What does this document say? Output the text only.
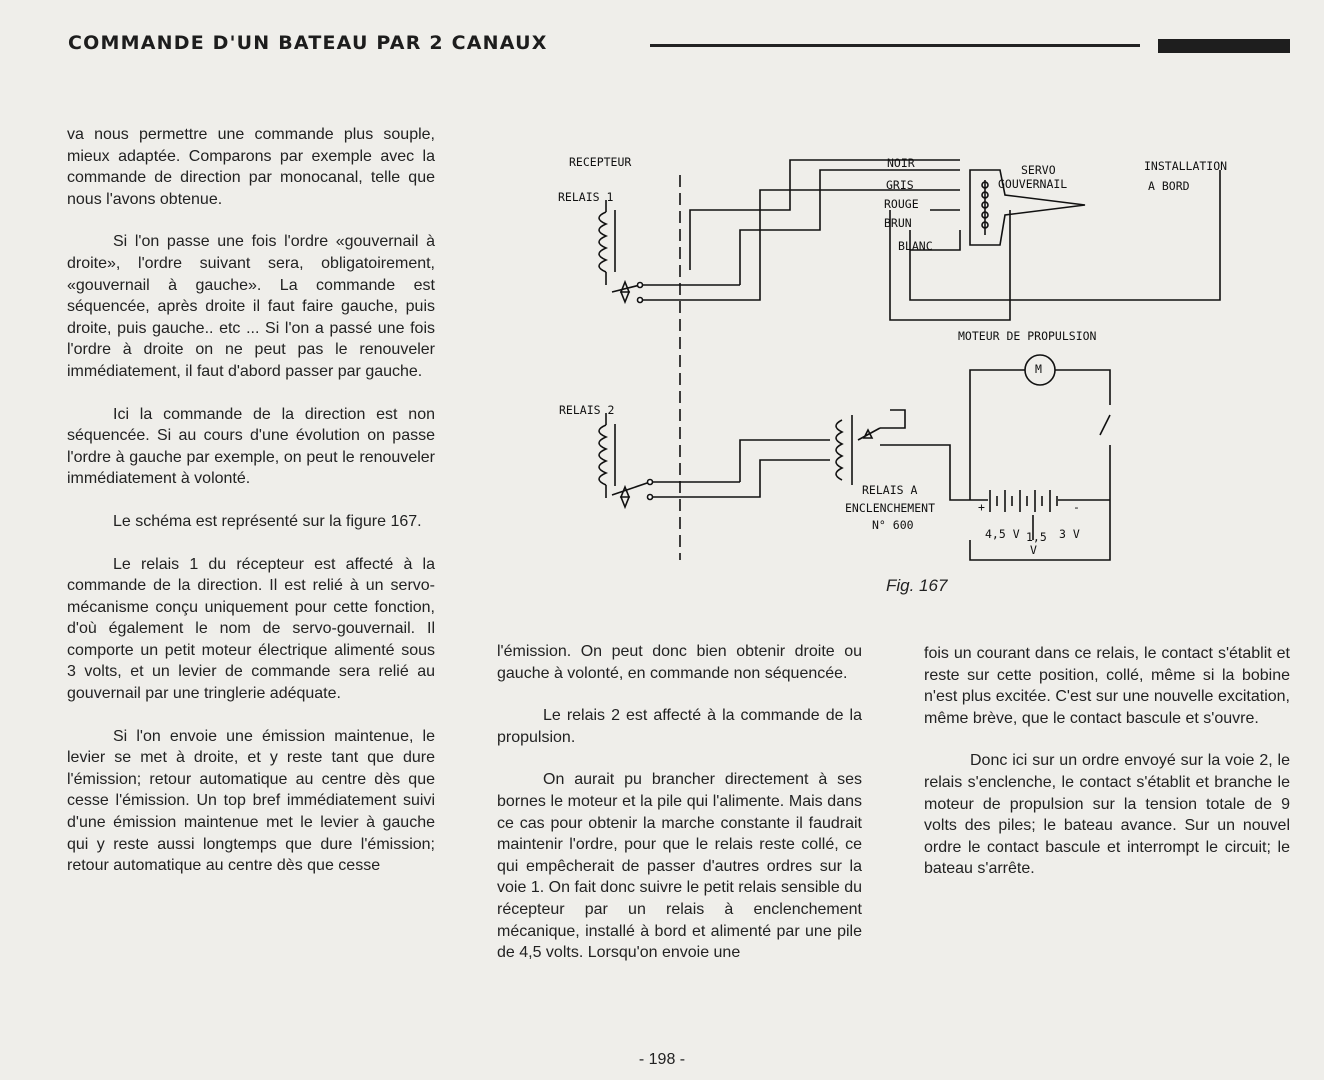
COMMANDE D'UN BATEAU PAR 2 CANAUX

va nous permettre une commande plus souple, mieux adaptée. Comparons par exemple avec la commande de direction par monocanal, telle que nous l'avons obtenue.

Si l'on passe une fois l'ordre «gouvernail à droite», l'ordre suivant sera, obligatoirement, «gouvernail à gauche». La commande est séquencée, après droite il faut faire gauche, puis droite, puis gauche.. etc ... Si l'on a passé une fois l'ordre à droite on ne peut pas le renouveler immédiatement, il faut d'abord passer par gauche.

Ici la commande de la direction est non séquencée. Si au cours d'une évolution on passe l'ordre à gauche par exemple, on peut le renouveler immédiatement à volonté.

Le schéma est représenté sur la figure 167.

Le relais 1 du récepteur est affecté à la commande de la direction. Il est relié à un servo-mécanisme conçu uniquement pour cette fonction, d'où également le nom de servo-gouvernail. Il comporte un petit moteur électrique alimenté sous 3 volts, et un levier de commande sera relié au gouvernail par une tringlerie adéquate.

Si l'on envoie une émission maintenue, le levier se met à droite, et y reste tant que dure l'émission; retour automatique au centre dès que cesse l'émission. Un top bref immédiatement suivi d'une émission maintenue met le levier à gauche qui y reste aussi longtemps que dure l'émission; retour automatique au centre dès que cesse

l'émission. On peut donc bien obtenir droite ou gauche à volonté, en commande non séquencée.

Le relais 2 est affecté à la commande de la propulsion.

On aurait pu brancher directement à ses bornes le moteur et la pile qui l'alimente. Mais dans ce cas pour obtenir la marche constante il faudrait maintenir l'ordre, pour que le relais reste collé, ce qui empêcherait de passer d'autres ordres sur la voie 1. On fait donc suivre le petit relais sensible du récepteur par un relais à enclenchement mécanique, installé à bord et alimenté par une pile de 4,5 volts. Lorsqu'on envoie une

fois un courant dans ce relais, le contact s'établit et reste sur cette position, collé, même si la bobine n'est plus excitée. C'est sur une nouvelle excitation, même brève, que le contact bascule et s'ouvre.

Donc ici sur un ordre envoyé sur la voie 2, le relais s'enclenche, le contact s'établit et branche le moteur de propulsion sur la tension totale de 9 volts des piles; le bateau avance. Sur un nouvel ordre le contact bascule et interrompt le circuit; le bateau s'arrête.

RECEPTEUR
RELAIS 1
RELAIS 2
NOIR
GRIS
ROUGE
BRUN
BLANC
SERVO
GOUVERNAIL
INSTALLATION
A BORD
MOTEUR DE PROPULSION
M
RELAIS A
ENCLENCHEMENT
N° 600
+	-
4,5 V 1,5
V
3 V
Fig. 167
- 198 -
